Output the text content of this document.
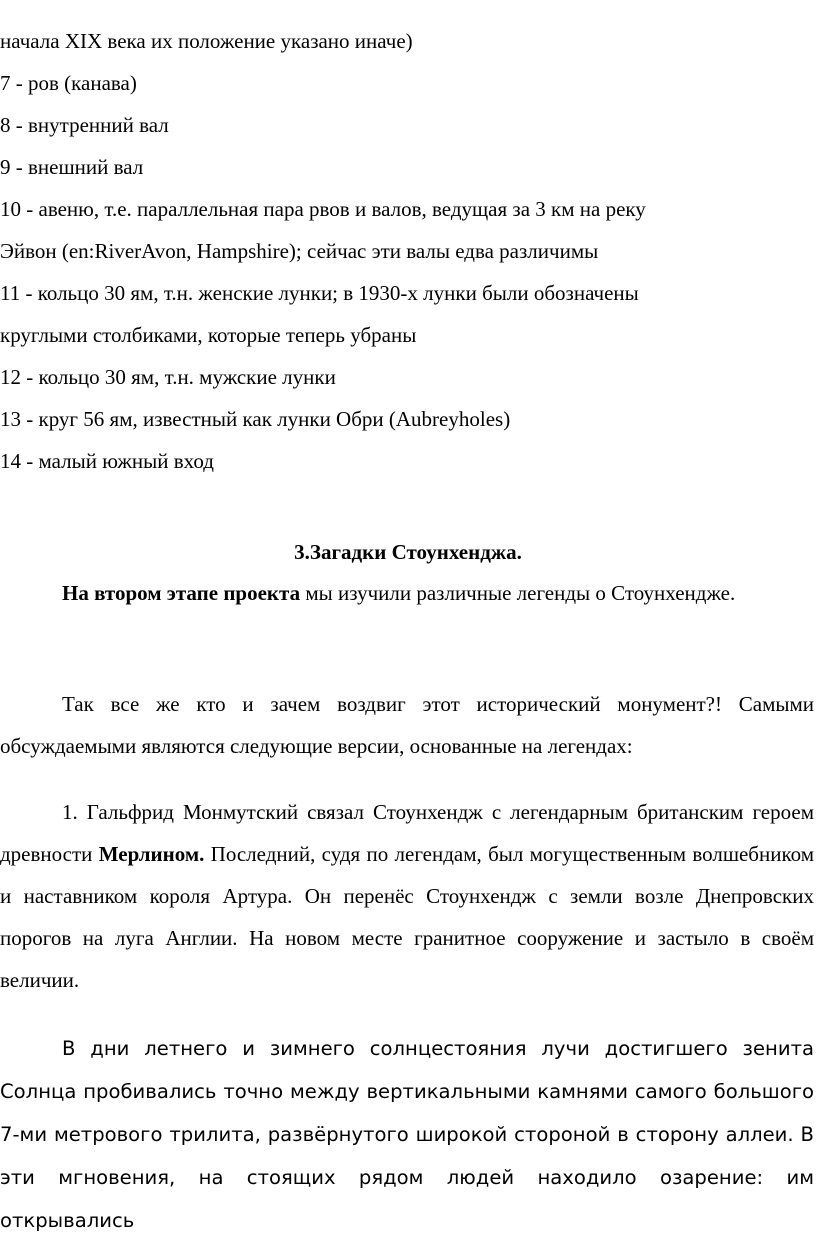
начала XIX века их положение указано иначе)
7 - ров (канава)
8 - внутренний вал
9 - внешний вал
10 - авеню, т.е. параллельная пара рвов и валов, ведущая за 3 км на реку
Эйвон (en:RiverAvon, Hampshire); сейчас эти валы едва различимы
11 - кольцо 30 ям, т.н. женские лунки; в 1930-х лунки были обозначены
круглыми столбиками, которые теперь убраны
12 - кольцо 30 ям, т.н. мужские лунки
13 - круг 56 ям, известный как лунки Обри (Aubreyholes)
14 - малый южный вход
3.Загадки Стоунхенджа.

На втором этапе проекта мы изучили различные легенды о Стоунхендже.

Так все же кто и зачем воздвиг этот исторический монумент?! Самыми обсуждаемыми являются следующие версии, основанные на легендах:

1. Гальфрид Монмутский связал Стоунхендж с легендарным британским героем древности Мерлином. Последний, судя по легендам, был могущественным волшебником и наставником короля Артура. Он перенёс Стоунхендж с земли возле Днепровских порогов на луга Англии. На новом месте гранитное сооружение и застыло в своём величии.

В дни летнего и зимнего солнцестояния лучи достигшего зенита Солнца пробивались точно между вертикальными камнями самого большого 7-ми метрового трилита, развёрнутого широкой стороной в сторону аллеи. В эти мгновения, на стоящих рядом людей находило озарение: им открывались
